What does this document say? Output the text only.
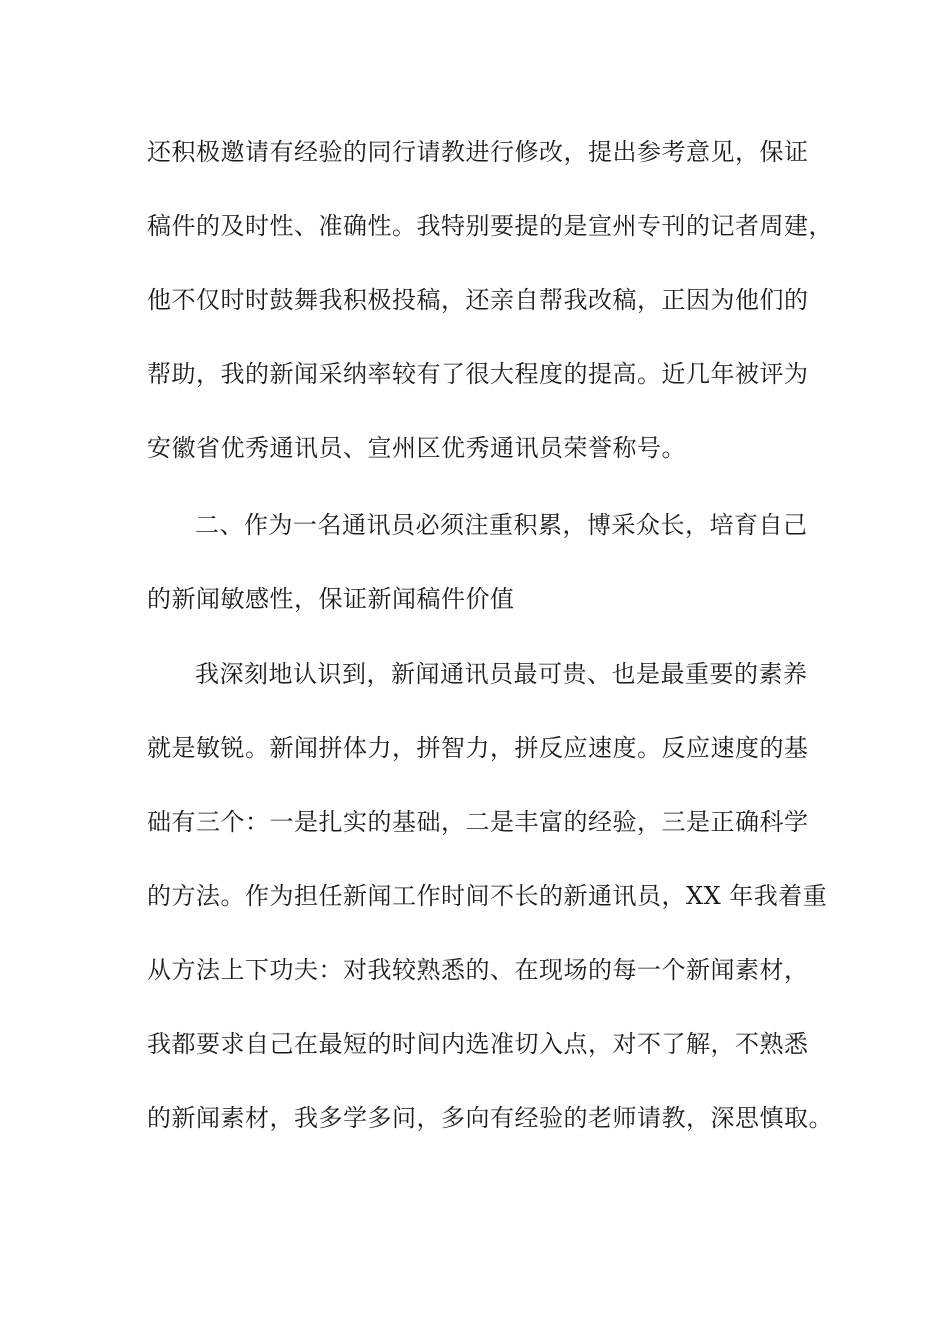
还积极邀请有经验的同行请教进行修改，提出参考意见，保证
稿件的及时性、准确性。我特别要提的是宣州专刊的记者周建，
他不仅时时鼓舞我积极投稿，还亲自帮我改稿，正因为他们的
帮助，我的新闻采纳率较有了很大程度的提高。近几年被评为
安徽省优秀通讯员、宣州区优秀通讯员荣誉称号。
二、作为一名通讯员必须注重积累，博采众长，培育自己
的新闻敏感性，保证新闻稿件价值
我深刻地认识到，新闻通讯员最可贵、也是最重要的素养
就是敏锐。新闻拼体力，拼智力，拼反应速度。反应速度的基
础有三个：一是扎实的基础，二是丰富的经验，三是正确科学
的方法。作为担任新闻工作时间不长的新通讯员，XX 年我着重
从方法上下功夫：对我较熟悉的、在现场的每一个新闻素材，
我都要求自己在最短的时间内选准切入点，对不了解，不熟悉
的新闻素材，我多学多问，多向有经验的老师请教，深思慎取。
